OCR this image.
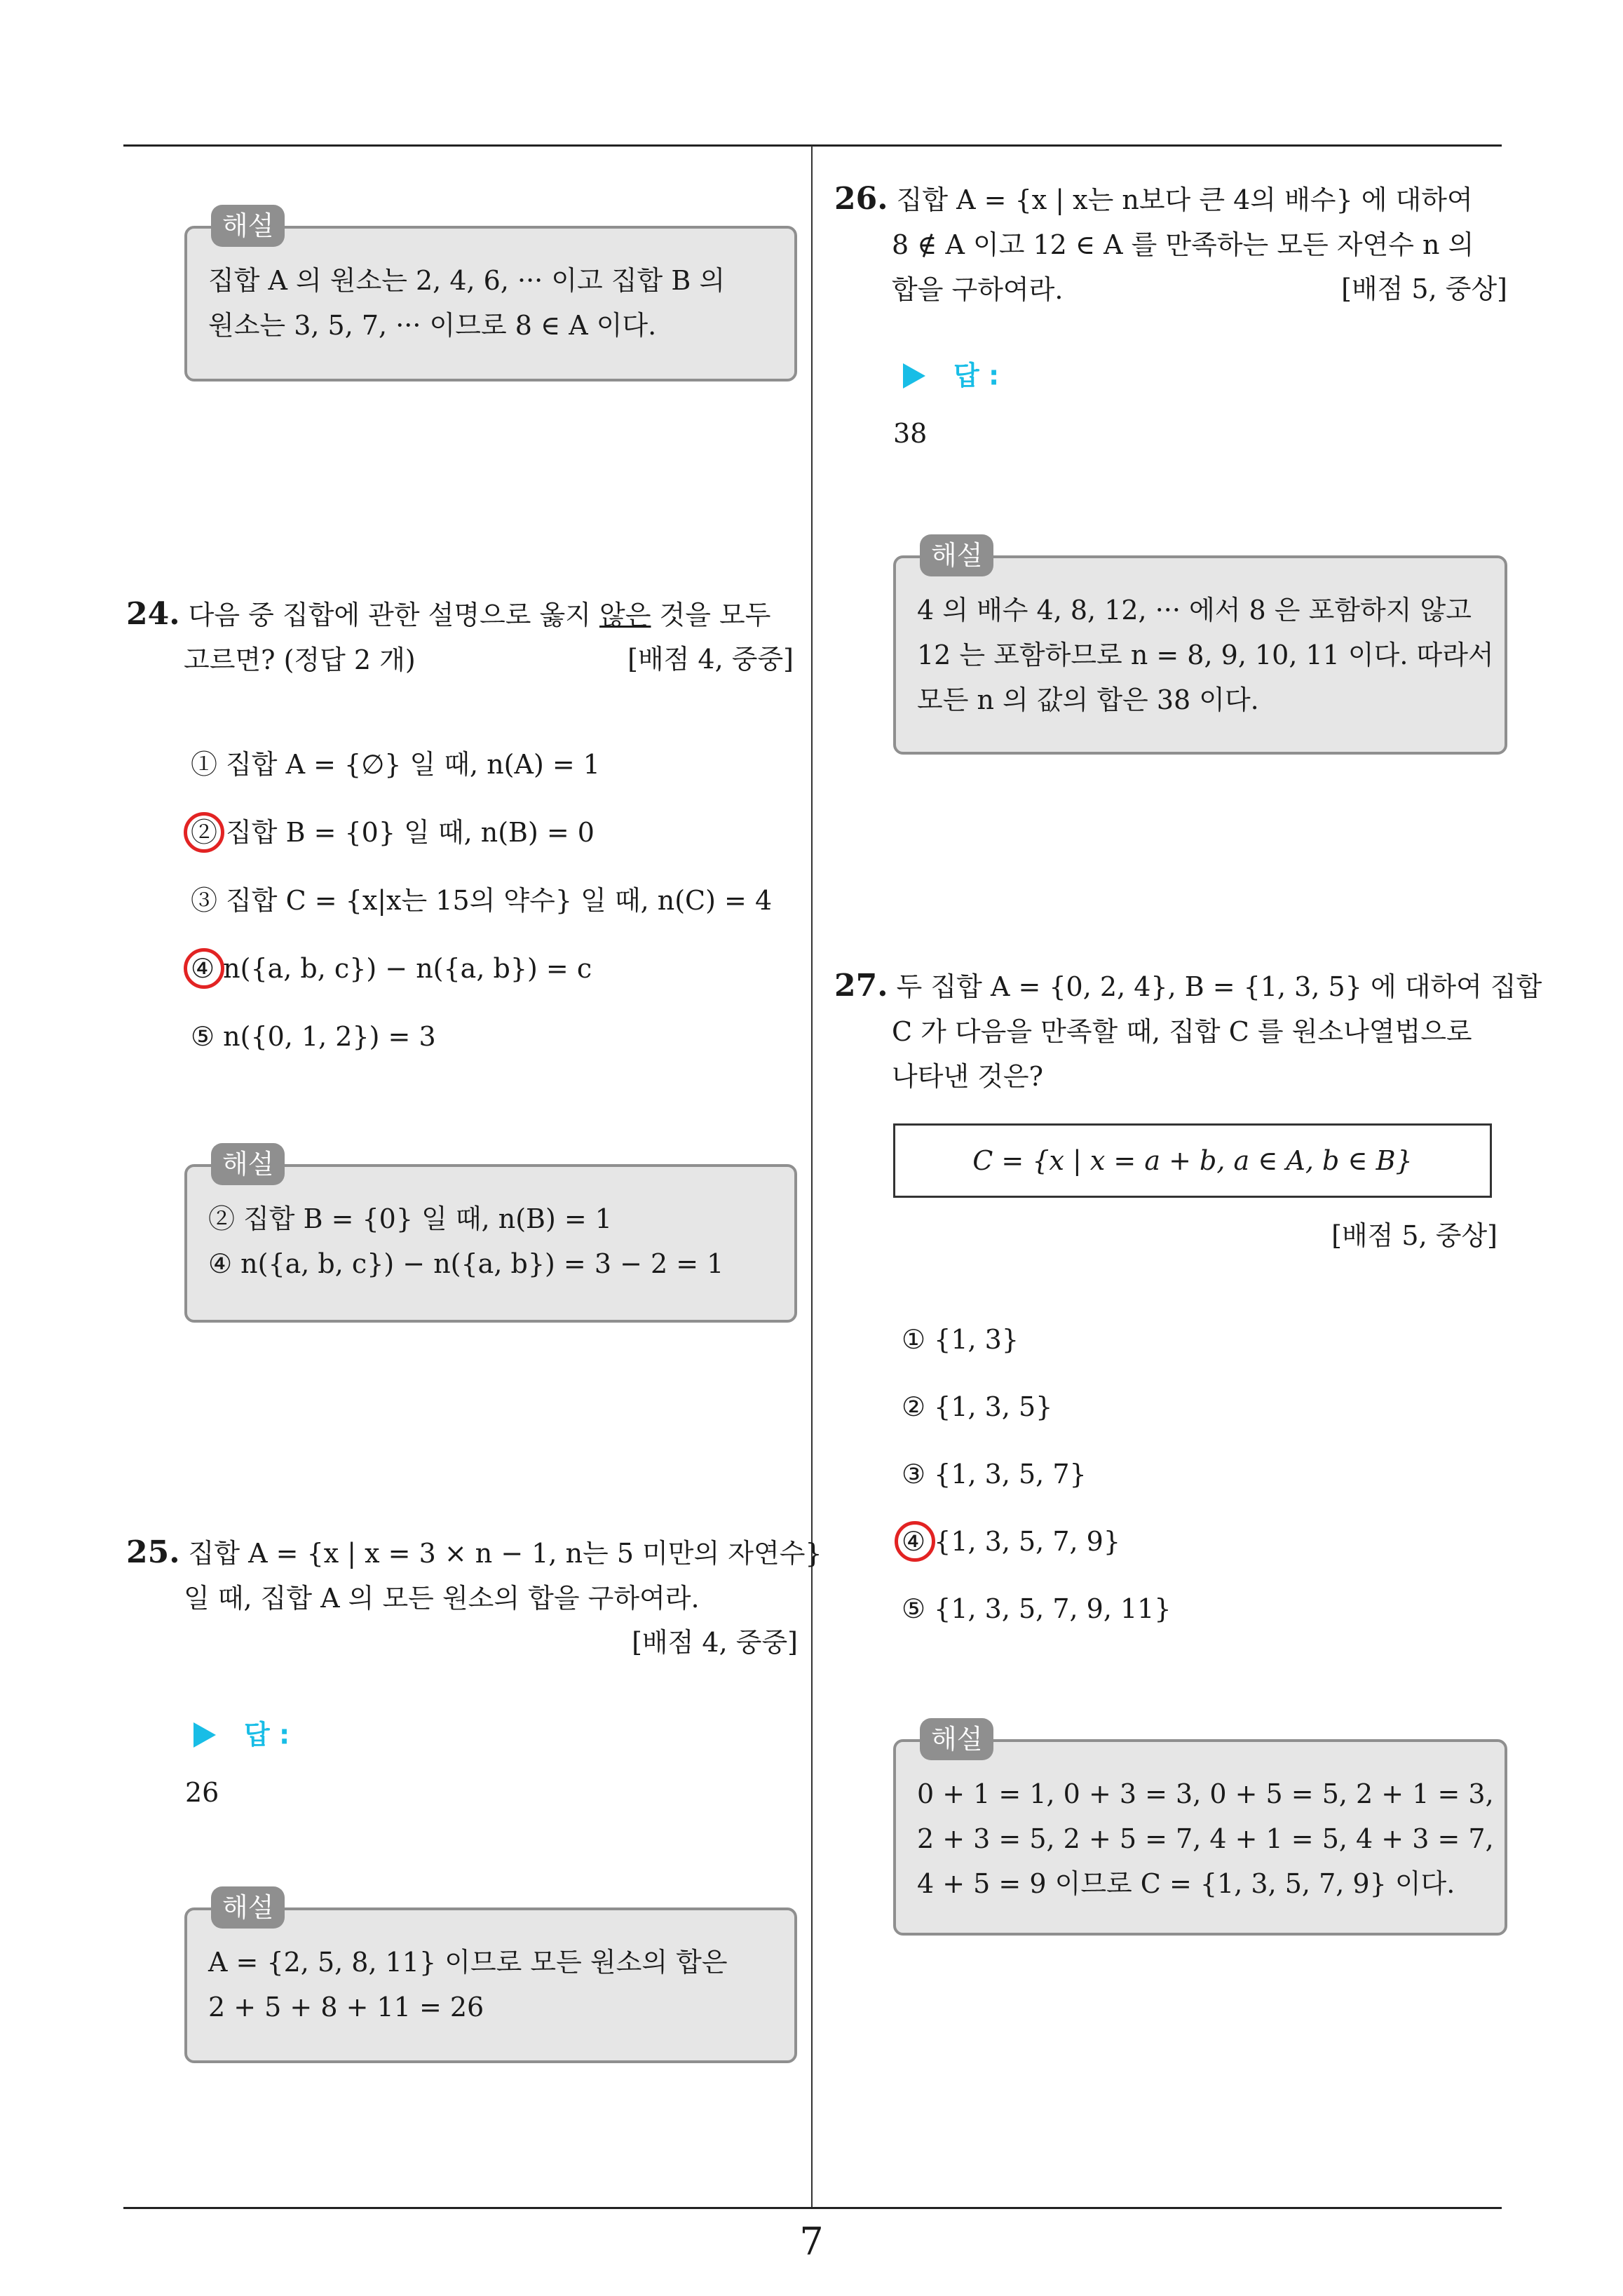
해설
집합 A 의 원소는 2, 4, 6, ··· 이고 집합 B 의
원소는 3, 5, 7, ··· 이므로 8 ∈ A 이다.
24. 다음 중 집합에 관한 설명으로 옳지 않은 것을 모두
고르면? (정답 2 개)	[배점 4, 중중]
① 집합 A = {∅} 일 때, n(A) = 1
② 집합 B = {0} 일 때, n(B) = 0
③ 집합 C = {x|x는 15의 약수} 일 때, n(C) = 4
④ n({a, b, c}) − n({a, b}) = c
⑤ n({0, 1, 2}) = 3
해설
② 집합 B = {0} 일 때, n(B) = 1
④ n({a, b, c}) − n({a, b}) = 3 − 2 = 1
25. 집합 A = {x | x = 3 × n − 1, n는 5 미만의 자연수}
일 때, 집합 A 의 모든 원소의 합을 구하여라.
[배점 4, 중중]
답 :
26
해설
A = {2, 5, 8, 11} 이므로 모든 원소의 합은
2 + 5 + 8 + 11 = 26
26. 집합 A = {x | x는 n보다 큰 4의 배수} 에 대하여
8 ∉ A 이고 12 ∈ A 를 만족하는 모든 자연수 n 의
합을 구하여라.	[배점 5, 중상]
답 :
38
해설
4 의 배수 4, 8, 12, ··· 에서 8 은 포함하지 않고
12 는 포함하므로 n = 8, 9, 10, 11 이다. 따라서
모든 n 의 값의 합은 38 이다.
27. 두 집합 A = {0, 2, 4}, B = {1, 3, 5} 에 대하여 집합
C 가 다음을 만족할 때, 집합 C 를 원소나열법으로
나타낸 것은?
C = {x | x = a + b, a ∈ A, b ∈ B}
[배점 5, 중상]
① {1, 3}
② {1, 3, 5}
③ {1, 3, 5, 7}
④ {1, 3, 5, 7, 9}
⑤ {1, 3, 5, 7, 9, 11}
해설
0 + 1 = 1, 0 + 3 = 3, 0 + 5 = 5, 2 + 1 = 3,
2 + 3 = 5, 2 + 5 = 7, 4 + 1 = 5, 4 + 3 = 7,
4 + 5 = 9 이므로 C = {1, 3, 5, 7, 9} 이다.
7
